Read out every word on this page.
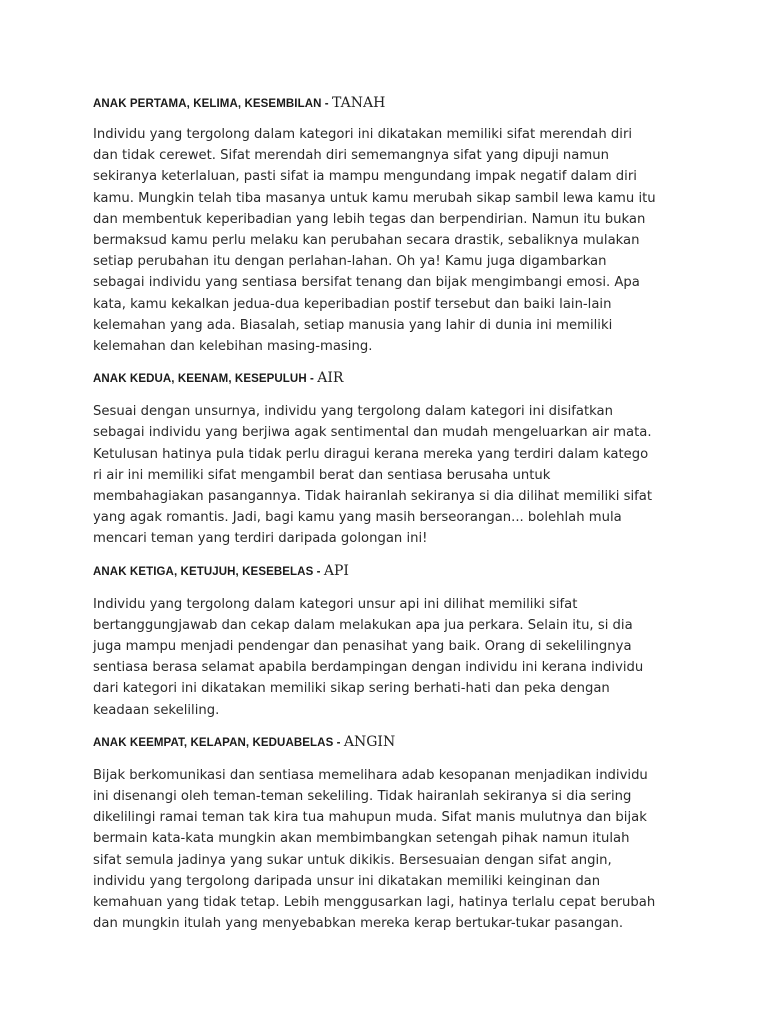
ANAK PERTAMA, KELIMA, KESEMBILAN - TANAH

Individu yang tergolong dalam kategori ini dikatakan memiliki sifat merendah diri
dan tidak cerewet. Sifat merendah diri sememangnya sifat yang dipuji namun
sekiranya keterlaluan, pasti sifat ia mampu mengundang impak negatif dalam diri
kamu. Mungkin telah tiba masanya untuk kamu merubah sikap sambil lewa kamu itu
dan membentuk keperibadian yang lebih tegas dan berpendirian. Namun itu bukan
bermaksud kamu perlu melaku kan perubahan secara drastik, sebaliknya mulakan
setiap perubahan itu dengan perlahan-lahan. Oh ya! Kamu juga digambarkan
sebagai individu yang sentiasa bersifat tenang dan bijak mengimbangi emosi. Apa
kata, kamu kekalkan jedua-dua keperibadian postif tersebut dan baiki lain-lain
kelemahan yang ada. Biasalah, setiap manusia yang lahir di dunia ini memiliki
kelemahan dan kelebihan masing-masing.

ANAK KEDUA, KEENAM, KESEPULUH - AIR

Sesuai dengan unsurnya, individu yang tergolong dalam kategori ini disifatkan
sebagai individu yang berjiwa agak sentimental dan mudah mengeluarkan air mata.
Ketulusan hatinya pula tidak perlu diragui kerana mereka yang terdiri dalam katego
ri air ini memiliki sifat mengambil berat dan sentiasa berusaha untuk
membahagiakan pasangannya. Tidak hairanlah sekiranya si dia dilihat memiliki sifat
yang agak romantis. Jadi, bagi kamu yang masih berseorangan... bolehlah mula
mencari teman yang terdiri daripada golongan ini!

ANAK KETIGA, KETUJUH, KESEBELAS - API

Individu yang tergolong dalam kategori unsur api ini dilihat memiliki sifat
bertanggungjawab dan cekap dalam melakukan apa jua perkara. Selain itu, si dia
juga mampu menjadi pendengar dan penasihat yang baik. Orang di sekelilingnya
sentiasa berasa selamat apabila berdampingan dengan individu ini kerana individu
dari kategori ini dikatakan memiliki sikap sering berhati-hati dan peka dengan
keadaan sekeliling.

ANAK KEEMPAT, KELAPAN, KEDUABELAS - ANGIN

Bijak berkomunikasi dan sentiasa memelihara adab kesopanan menjadikan individu
ini disenangi oleh teman-teman sekeliling. Tidak hairanlah sekiranya si dia sering
dikelilingi ramai teman tak kira tua mahupun muda. Sifat manis mulutnya dan bijak
bermain kata-kata mungkin akan membimbangkan setengah pihak namun itulah
sifat semula jadinya yang sukar untuk dikikis. Bersesuaian dengan sifat angin,
individu yang tergolong daripada unsur ini dikatakan memiliki keinginan dan
kemahuan yang tidak tetap. Lebih menggusarkan lagi, hatinya terlalu cepat berubah
dan mungkin itulah yang menyebabkan mereka kerap bertukar-tukar pasangan.
